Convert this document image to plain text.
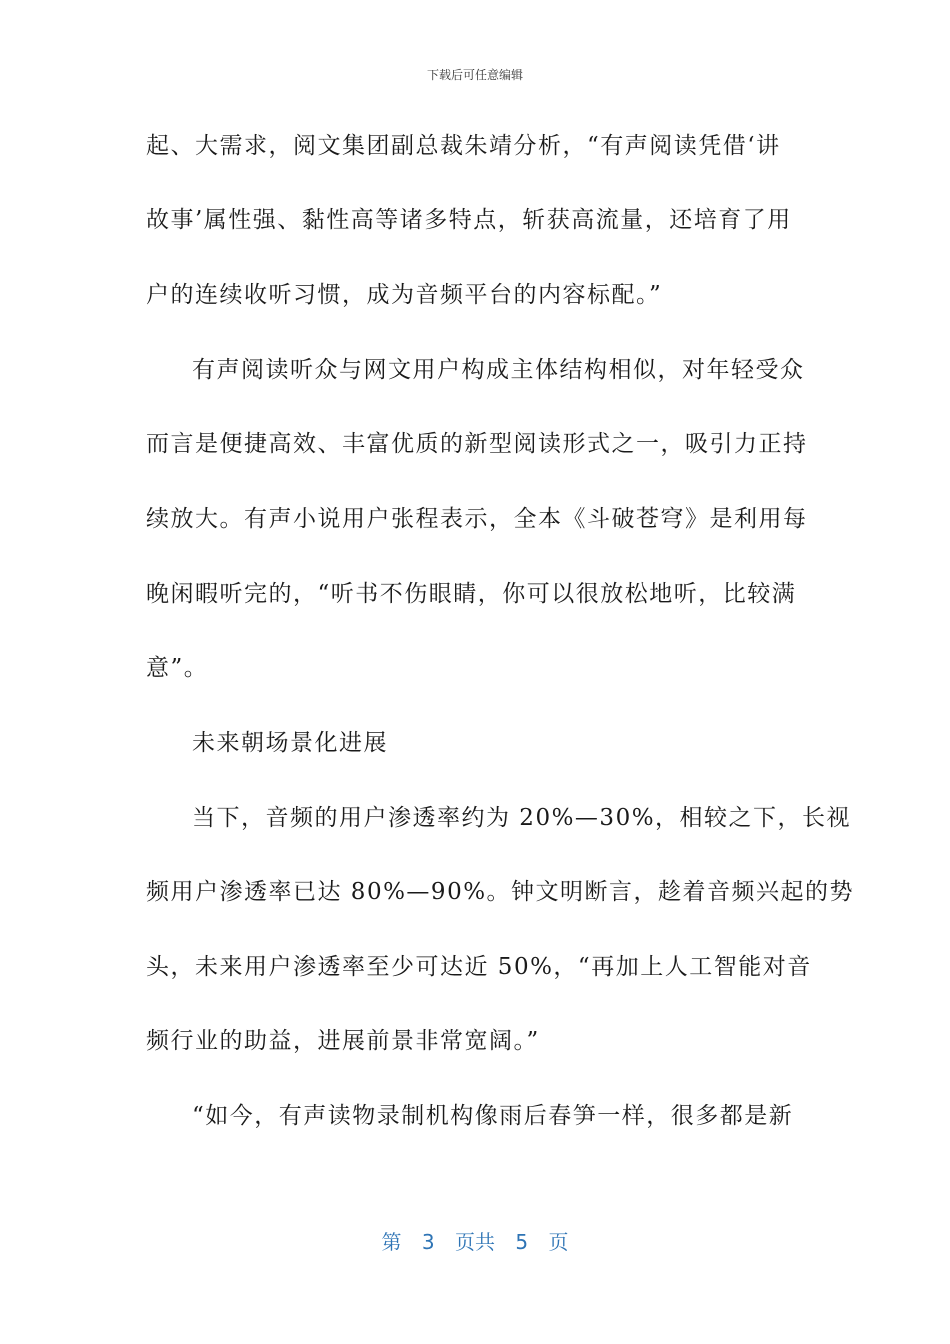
下载后可任意编辑
起、大需求，阅文集团副总裁朱靖分析，“有声阅读凭借‘讲
故事’属性强、黏性高等诸多特点，斩获高流量，还培育了用
户的连续收听习惯，成为音频平台的内容标配。”
有声阅读听众与网文用户构成主体结构相似，对年轻受众
而言是便捷高效、丰富优质的新型阅读形式之一，吸引力正持
续放大。有声小说用户张程表示，全本《斗破苍穹》是利用每
晚闲暇听完的，“听书不伤眼睛，你可以很放松地听，比较满
意”。
未来朝场景化进展
当下，音频的用户渗透率约为 20%—30%，相较之下，长视
频用户渗透率已达 80%—90%。钟文明断言，趁着音频兴起的势
头，未来用户渗透率至少可达近 50%，“再加上人工智能对音
频行业的助益，进展前景非常宽阔。”
“如今，有声读物录制机构像雨后春笋一样，很多都是新
第 3 页共 5 页
